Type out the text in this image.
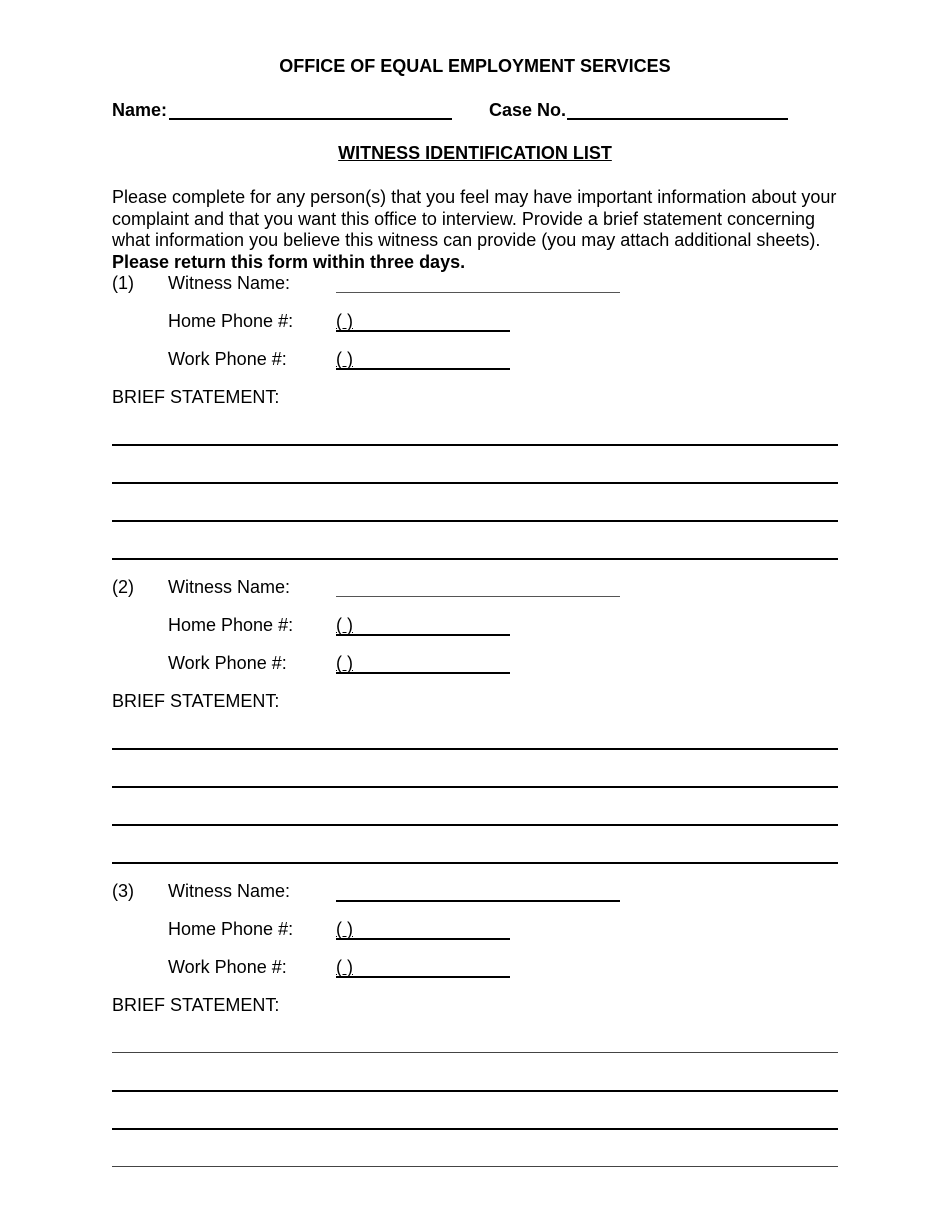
OFFICE OF EQUAL EMPLOYMENT SERVICES
Name:	Case No.
WITNESS IDENTIFICATION LIST
Please complete for any person(s) that you feel may have important information about your complaint and that you want this office to interview. Provide a brief statement concerning what information you believe this witness can provide (you may attach additional sheets). Please return this form within three days.
(1) Witness Name:
Home Phone #: ( )
Work Phone #:	( )
BRIEF STATEMENT:
(2) Witness Name:
Home Phone #: ( )
Work Phone #:	( )
BRIEF STATEMENT:
(3) Witness Name:
Home Phone #: ( )
Work Phone #:	( )
BRIEF STATEMENT:
